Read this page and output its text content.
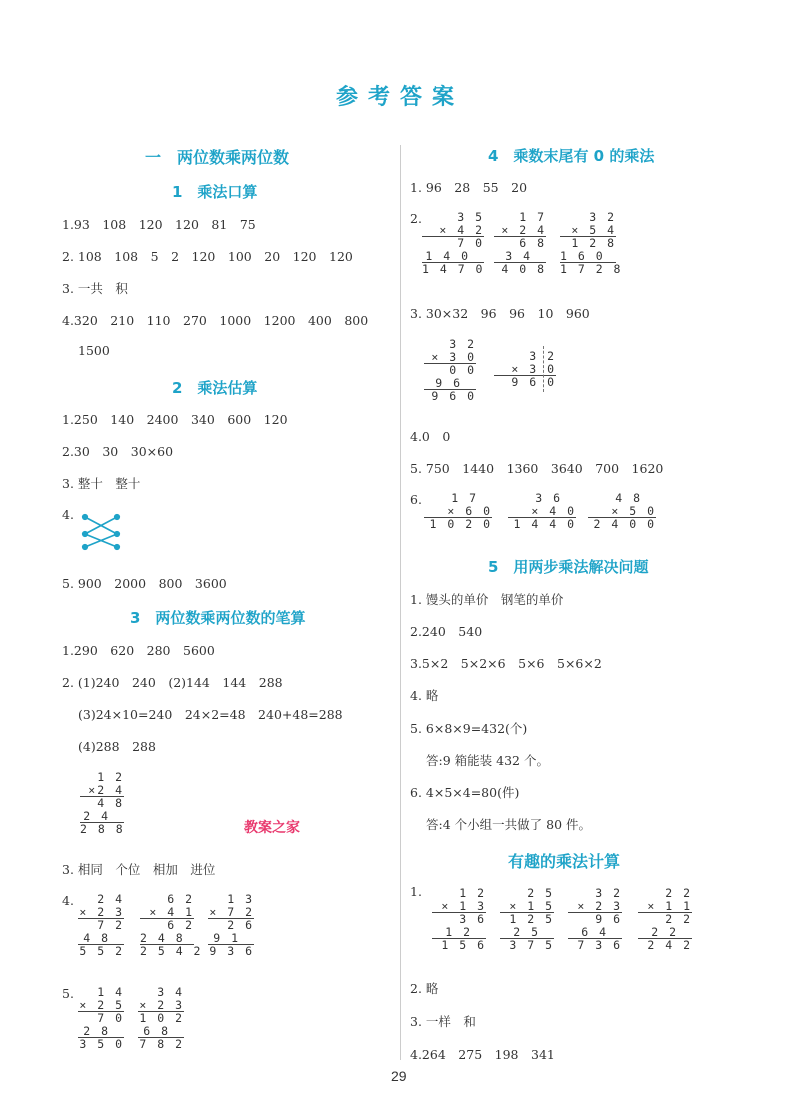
参考答案
一　两位数乘两位数
1　乘法口算
1.93　108　120　120　81　75
2. 108　108　5　2　120　100　20　120　120
3. 一共　积
4.320　210　110　270　1000　1200　400　800
1500
2　乘法估算
1.250　140　2400　340　600　120
2.30　30　30×60
3. 整十　整十
4.
5. 900　2000　800　3600
3　两位数乘两位数的笔算
1.290　620　280　5600
2. (1)240　240　(2)144　144　288
(3)24×10=240　24×2=48　240+48=288
(4)288　288
1 2
×2 4
4 8
2 4
2 8 8	教案之家
3. 相同　个位　相加　进位
4.	2 4
× 2 3
7 2
4 8
5 5 2
6 2
× 4 1
6 2
2 4 8
2 5 4 2
1 3
× 7 2
2 6
9 1
9 3 6
5.	1 4
× 2 5
7 0
2 8
3 5 0
3 4
× 2 3
1 0 2
6 8
7 8 2
4　乘数末尾有 0 的乘法
1. 96　28　55　20
2.	3 5
× 4 2
7 0
1 4 0
1 4 7 0
1 7
× 2 4
6 8
3 4
4 0 8
3 2
× 5 4
1 2 8
1 6 0
1 7 2 8
3. 30×32　96　96　10　960
3 2
× 3 0
0 0
9 6
9 6 0
3 2
× 3 0
9 6 0
4.0　0
5. 750　1440　1360　3640　700　1620
6.	1 7
× 6 0
1 0 2 0
3 6
× 4 0
1 4 4 0
4 8
× 5 0
2 4 0 0
5　用两步乘法解决问题
1. 馒头的单价　钢笔的单价
2.240　540
3.5×2　5×2×6　5×6　5×6×2
4. 略
5. 6×8×9=432(个)
答:9 箱能装 432 个。
6. 4×5×4=80(件)
答:4 个小组一共做了 80 件。
有趣的乘法计算
1.	1 2
× 1 3
3 6
1 2
1 5 6
2 5
× 1 5
1 2 5
2 5
3 7 5
3 2
× 2 3
9 6
6 4
7 3 6
2 2
× 1 1
2 2
2 2
2 4 2
2. 略
3. 一样　和
4.264　275　198　341
29
